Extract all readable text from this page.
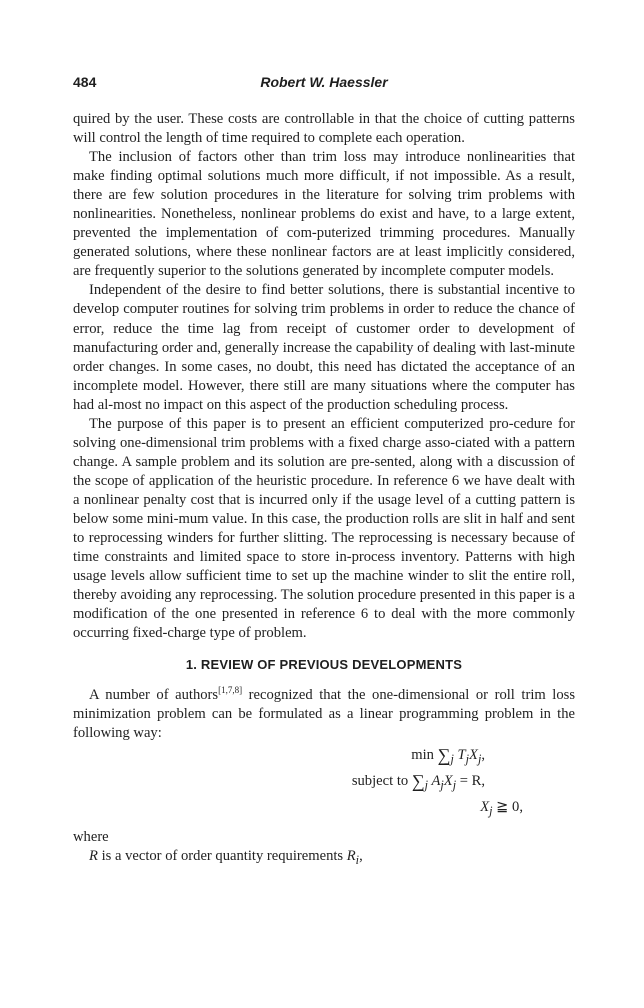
484	Robert W. Haessler

quired by the user. These costs are controllable in that the choice of cutting patterns will control the length of time required to complete each operation.

The inclusion of factors other than trim loss may introduce nonlinearities that make finding optimal solutions much more difficult, if not impossible. As a result, there are few solution procedures in the literature for solving trim problems with nonlinearities. Nonetheless, nonlinear problems do exist and have, to a large extent, prevented the implementation of com-puterized trimming procedures. Manually generated solutions, where these nonlinear factors are at least implicitly considered, are frequently superior to the solutions generated by incomplete computer models.

Independent of the desire to find better solutions, there is substantial incentive to develop computer routines for solving trim problems in order to reduce the chance of error, reduce the time lag from receipt of customer order to development of manufacturing order and, generally increase the capability of dealing with last-minute order changes. In some cases, no doubt, this need has dictated the acceptance of an incomplete model. However, there still are many situations where the computer has had al-most no impact on this aspect of the production scheduling process.

The purpose of this paper is to present an efficient computerized pro-cedure for solving one-dimensional trim problems with a fixed charge asso-ciated with a pattern change. A sample problem and its solution are pre-sented, along with a discussion of the scope of application of the heuristic procedure. In reference 6 we have dealt with a nonlinear penalty cost that is incurred only if the usage level of a cutting pattern is below some mini-mum value. In this case, the production rolls are slit in half and sent to reprocessing winders for further slitting. The reprocessing is necessary because of time constraints and limited space to store in-process inventory. Patterns with high usage levels allow sufficient time to set up the machine winder to slit the entire roll, thereby avoiding any reprocessing. The solution procedure presented in this paper is a modification of the one presented in reference 6 to deal with the more commonly occurring fixed-charge type of problem.

1. REVIEW OF PREVIOUS DEVELOPMENTS

A number of authors[1,7,8] recognized that the one-dimensional or roll trim loss minimization problem can be formulated as a linear programming problem in the following way:

$\min \sum_j$ $T_jX_j$,
subject to $\sum_j$ $A_jX_j = R$,
$X_j$ ≧ 0,

where

R is a vector of order quantity requirements $R_i$,
